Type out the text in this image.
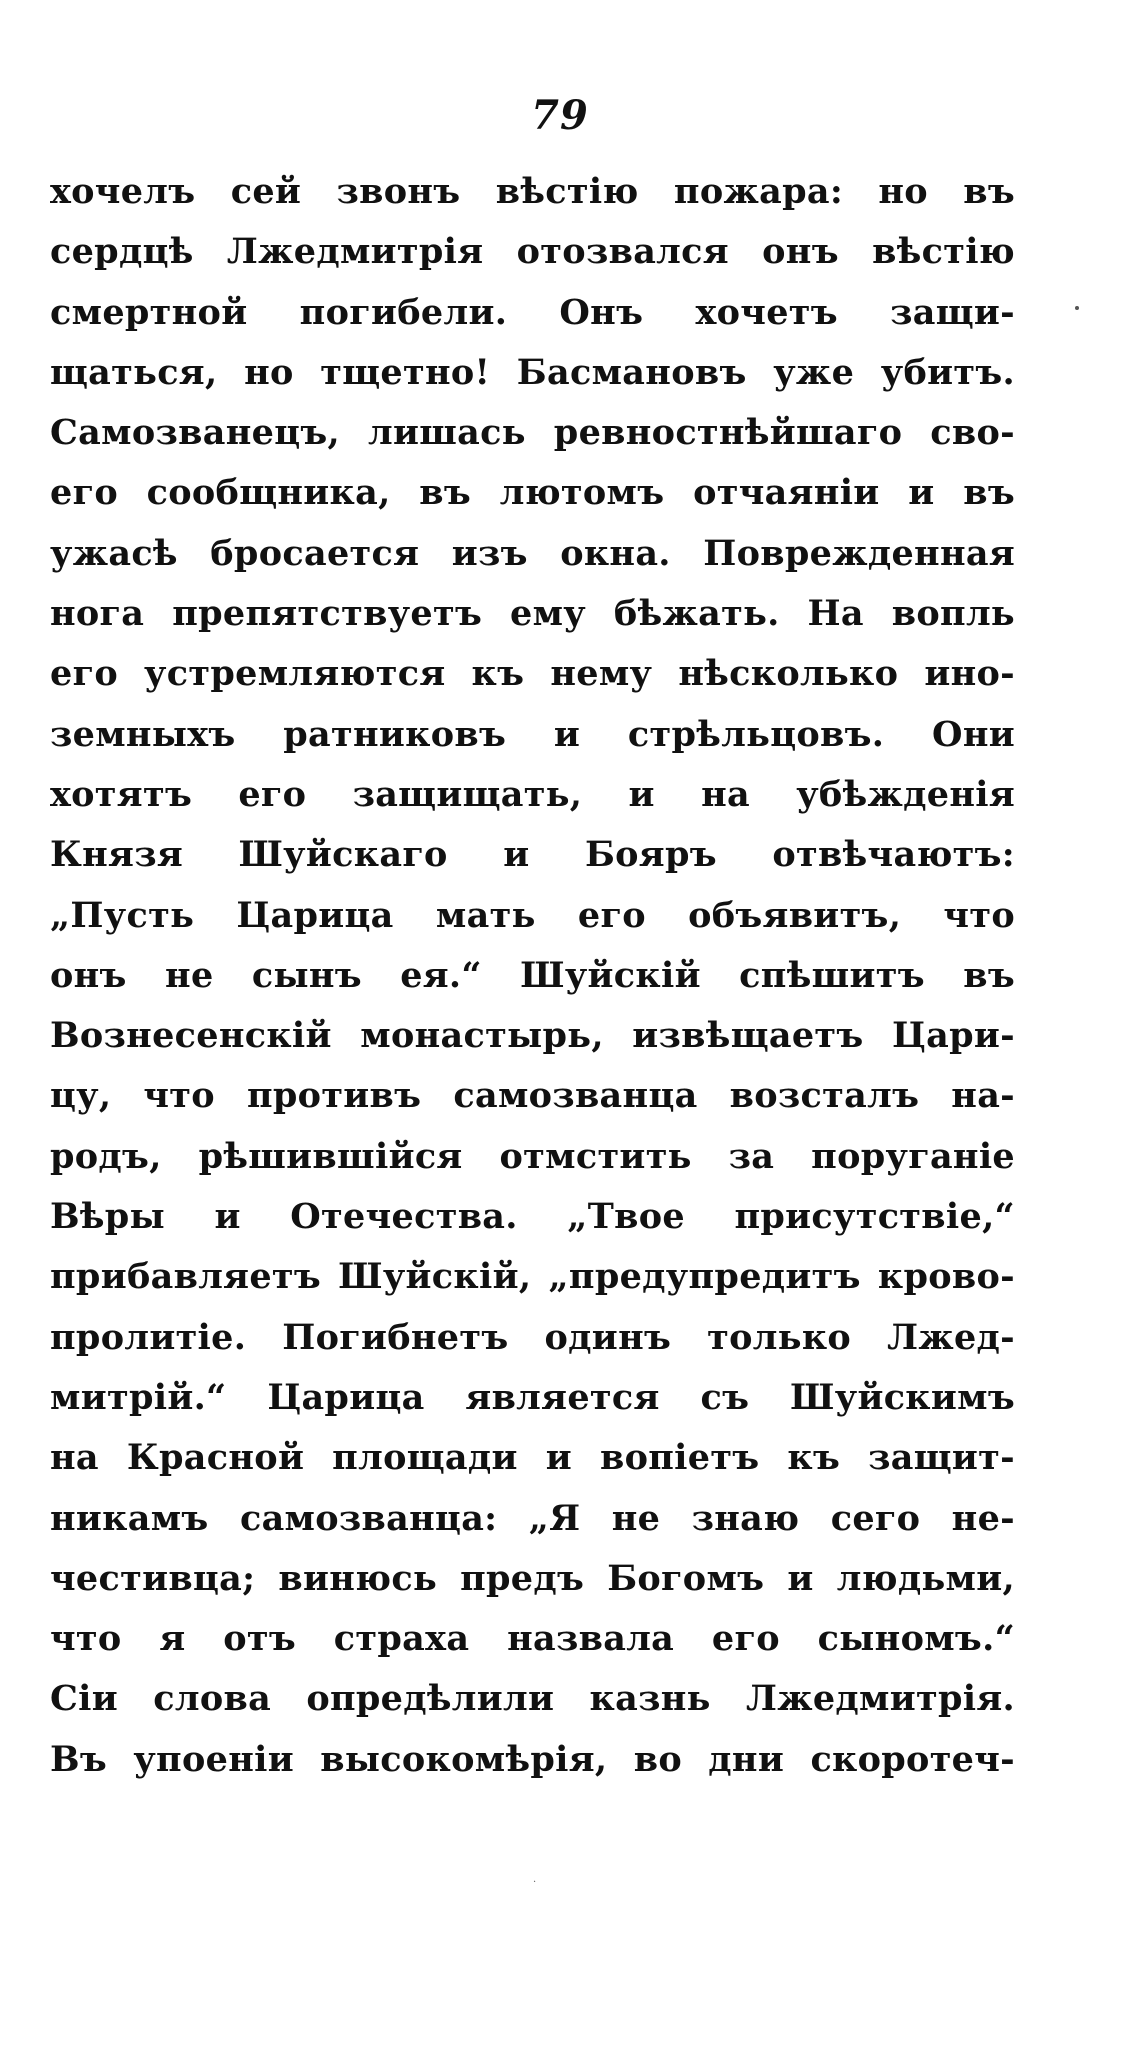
79
хочелъ сей звонъ вѣстію пожара: но въ
сердцѣ Лжедмитрія отозвался онъ вѣстію
смертной погибели. Онъ хочетъ защи-
щаться, но тщетно! Басмановъ уже убитъ.
Самозванецъ, лишась ревностнѣйшаго сво-
его сообщника, въ лютомъ отчаяніи и въ
ужасѣ бросается изъ окна. Поврежденная
нога препятствуетъ ему бѣжать. На вопль
его устремляются къ нему нѣсколько ино-
земныхъ ратниковъ и стрѣльцовъ. Они
хотятъ его защищать, и на убѣжденія
Князя Шуйскаго и Бояръ отвѣчаютъ:
„Пусть Царица мать его объявитъ, что
онъ не сынъ ея.“ Шуйскій спѣшитъ въ
Вознесенскій монастырь, извѣщаетъ Цари-
цу, что противъ самозванца возсталъ на-
родъ, рѣшившійся отмстить за поруганіе
Вѣры и Отечества. „Твое присутствіе,“
прибавляетъ Шуйскій, „предупредитъ крово-
пролитіе. Погибнетъ одинъ только Лжед-
митрій.“ Царица является съ Шуйскимъ
на Красной площади и вопіетъ къ защит-
никамъ самозванца: „Я не знаю сего не-
честивца; винюсь предъ Богомъ и людьми,
что я отъ страха назвала его сыномъ.“
Сіи слова опредѣлили казнь Лжедмитрія.
Въ упоеніи высокомѣрія, во дни скоротеч-
·
